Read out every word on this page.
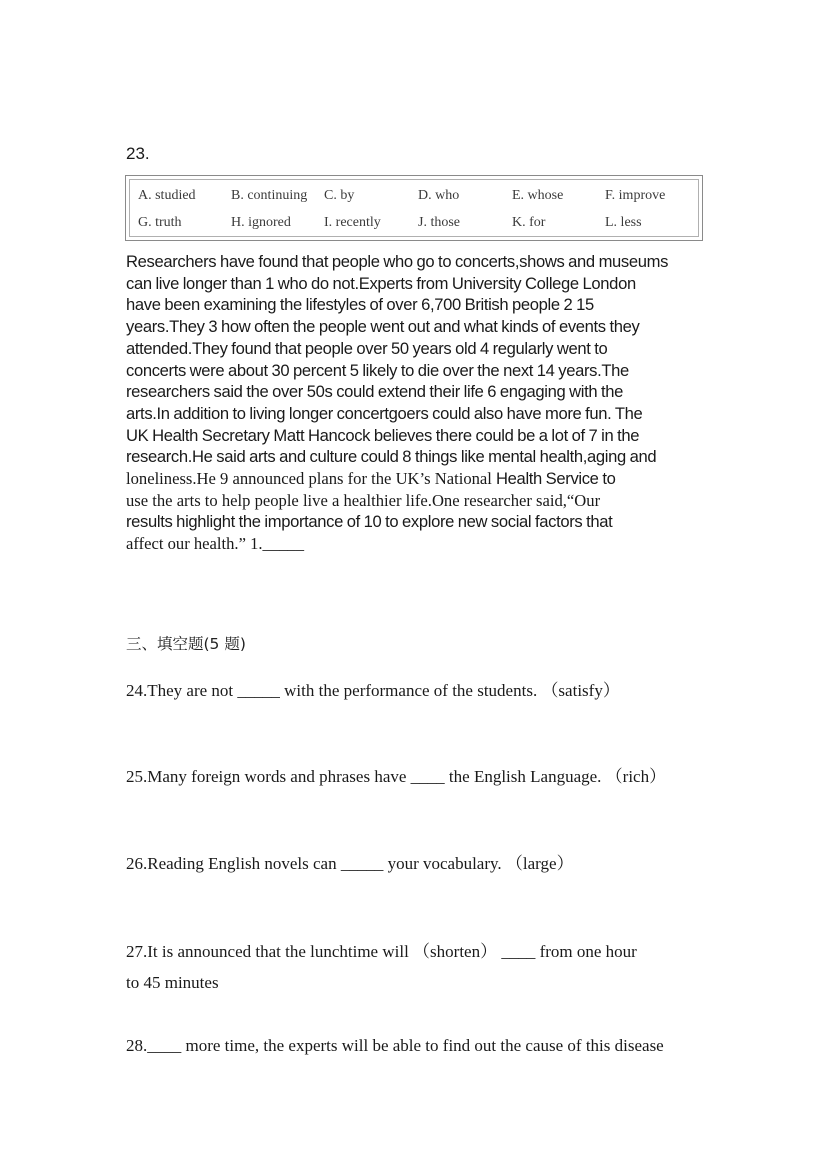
23.
A. studied	B. continuing C. by	D. who	E. whose	F. improve
G. truth	H. ignored I. recently	J. those	K. for	L. less
Researchers have found that people who go to concerts,shows and museums
can live longer than 1 who do not.Experts from University College London
have been examining the lifestyles of over 6,700 British people 2 15
years.They 3 how often the people went out and what kinds of events they
attended.They found that people over 50 years old 4 regularly went to
concerts were about 30 percent 5 likely to die over the next 14 years.The
researchers said the over 50s could extend their life 6 engaging with the
arts.In addition to living longer concertgoers could also have more fun. The
UK Health Secretary Matt Hancock believes there could be a lot of 7 in the
research.He said arts and culture could 8 things like mental health,aging and
loneliness.He 9 announced plans for the UK’s National Health Service to
use the arts to help people live a healthier life.One researcher said,“Our
results highlight the importance of 10 to explore new social factors that
affect our health.” 1._____
三、填空题(5 题)
24.They are not _____ with the performance of the students. （satisfy）
25.Many foreign words and phrases have ____ the English Language. （rich）
26.Reading English novels can _____ your vocabulary. （large）
27.It is announced that the lunchtime will （shorten） ____ from one hour
to 45 minutes
28.____ more time, the experts will be able to find out the cause of this disease
